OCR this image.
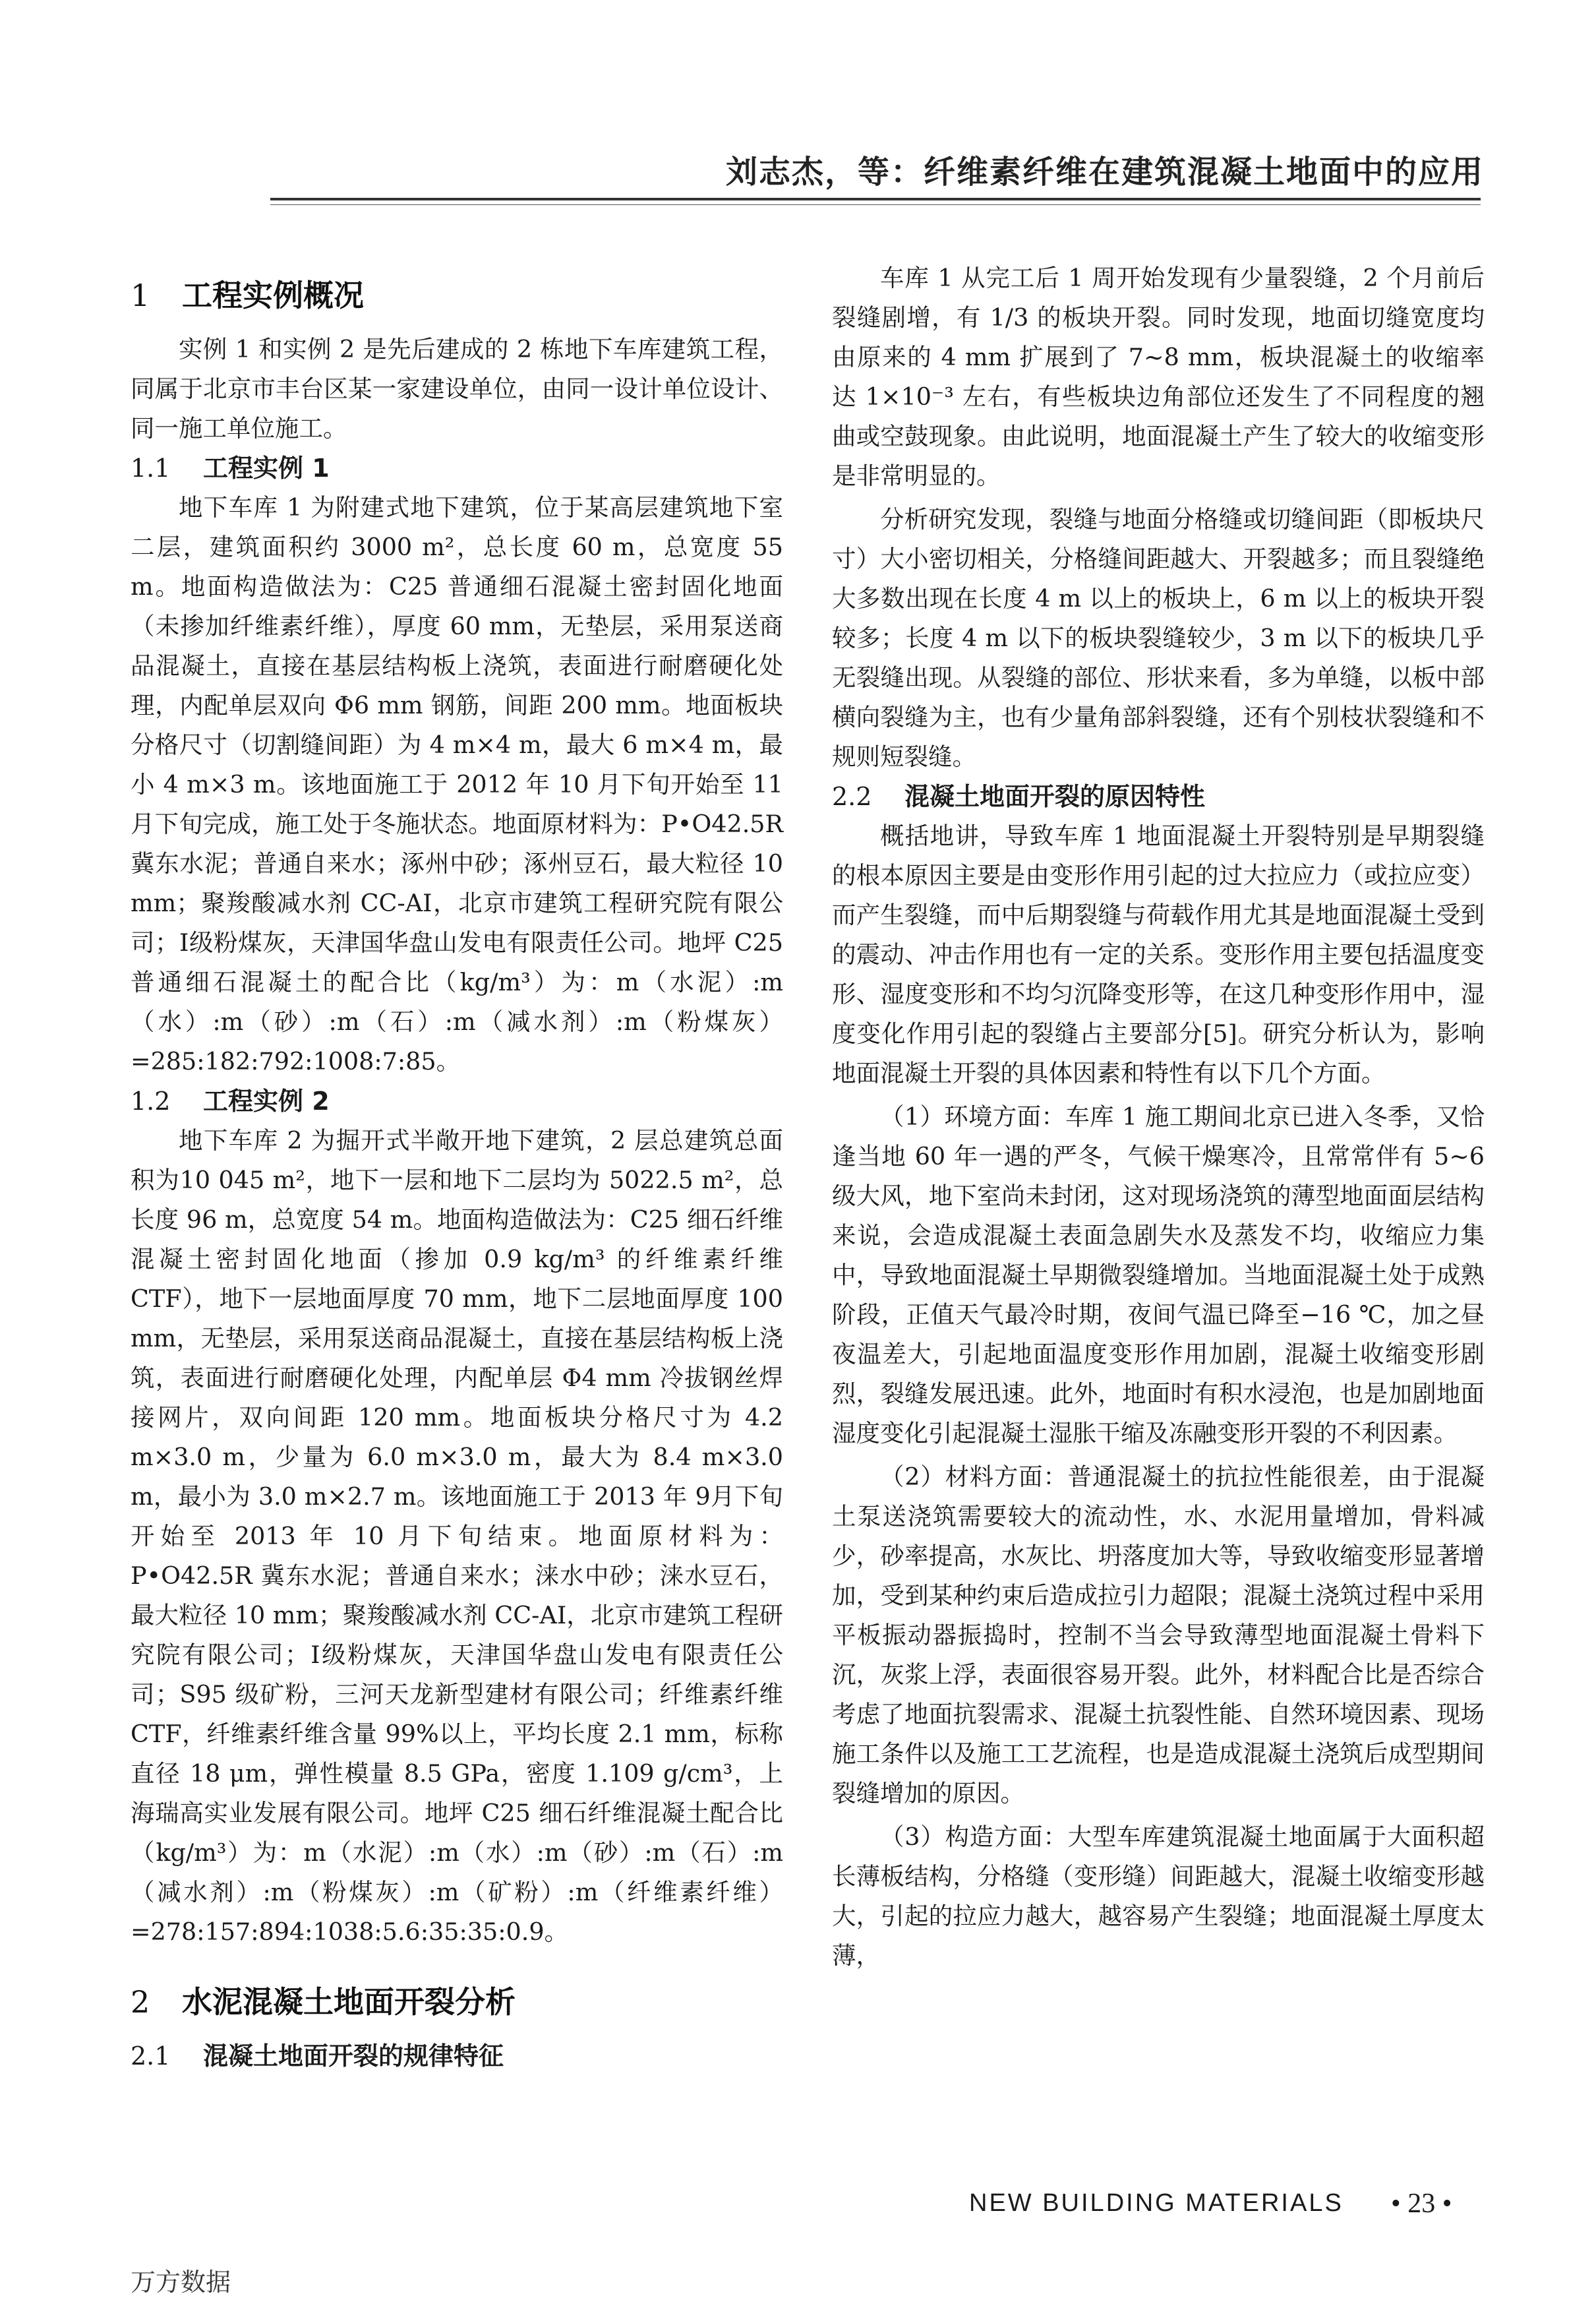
刘志杰，等：纤维素纤维在建筑混凝土地面中的应用
1 工程实例概况

实例 1 和实例 2 是先后建成的 2 栋地下车库建筑工程，同属于北京市丰台区某一家建设单位，由同一设计单位设计、同一施工单位施工。

1.1 工程实例 1

地下车库 1 为附建式地下建筑，位于某高层建筑地下室二层，建筑面积约 3000 m²，总长度 60 m，总宽度 55 m。地面构造做法为：C25 普通细石混凝土密封固化地面（未掺加纤维素纤维），厚度 60 mm，无垫层，采用泵送商品混凝土，直接在基层结构板上浇筑，表面进行耐磨硬化处理，内配单层双向 Φ6 mm 钢筋，间距 200 mm。地面板块分格尺寸（切割缝间距）为 4 m×4 m，最大 6 m×4 m，最小 4 m×3 m。该地面施工于 2012 年 10 月下旬开始至 11 月下旬完成，施工处于冬施状态。地面原材料为：P•O42.5R 冀东水泥；普通自来水；涿州中砂；涿州豆石，最大粒径 10 mm；聚羧酸减水剂 CC-AI，北京市建筑工程研究院有限公司；Ⅰ级粉煤灰，天津国华盘山发电有限责任公司。地坪 C25 普通细石混凝土的配合比（kg/m³）为：m（水泥）:m（水）:m（砂）:m（石）:m（减水剂）:m（粉煤灰）=285:182:792:1008:7:85。

1.2 工程实例 2

地下车库 2 为掘开式半敞开地下建筑，2 层总建筑总面积为10 045 m²，地下一层和地下二层均为 5022.5 m²，总长度 96 m，总宽度 54 m。地面构造做法为：C25 细石纤维混凝土密封固化地面（掺加 0.9 kg/m³ 的纤维素纤维 CTF），地下一层地面厚度 70 mm，地下二层地面厚度 100 mm，无垫层，采用泵送商品混凝土，直接在基层结构板上浇筑，表面进行耐磨硬化处理，内配单层 Φ4 mm 冷拔钢丝焊接网片，双向间距 120 mm。地面板块分格尺寸为 4.2 m×3.0 m，少量为 6.0 m×3.0 m，最大为 8.4 m×3.0 m，最小为 3.0 m×2.7 m。该地面施工于 2013 年 9月下旬开始至 2013 年 10 月下旬结束。地面原材料为：P•O42.5R 冀东水泥；普通自来水；涞水中砂；涞水豆石，最大粒径 10 mm；聚羧酸减水剂 CC-AI，北京市建筑工程研究院有限公司；Ⅰ级粉煤灰，天津国华盘山发电有限责任公司；S95 级矿粉，三河天龙新型建材有限公司；纤维素纤维 CTF，纤维素纤维含量 99%以上，平均长度 2.1 mm，标称直径 18 μm，弹性模量 8.5 GPa，密度 1.109 g/cm³，上海瑞高实业发展有限公司。地坪 C25 细石纤维混凝土配合比（kg/m³）为：m（水泥）:m（水）:m（砂）:m（石）:m（减水剂）:m（粉煤灰）:m（矿粉）:m（纤维素纤维）=278:157:894:1038:5.6:35:35:0.9。

2 水泥混凝土地面开裂分析
2.1 混凝土地面开裂的规律特征

车库 1 从完工后 1 周开始发现有少量裂缝，2 个月前后裂缝剧增，有 1/3 的板块开裂。同时发现，地面切缝宽度均由原来的 4 mm 扩展到了 7~8 mm，板块混凝土的收缩率达 1×10⁻³ 左右，有些板块边角部位还发生了不同程度的翘曲或空鼓现象。由此说明，地面混凝土产生了较大的收缩变形是非常明显的。

分析研究发现，裂缝与地面分格缝或切缝间距（即板块尺寸）大小密切相关，分格缝间距越大、开裂越多；而且裂缝绝大多数出现在长度 4 m 以上的板块上，6 m 以上的板块开裂较多；长度 4 m 以下的板块裂缝较少，3 m 以下的板块几乎无裂缝出现。从裂缝的部位、形状来看，多为单缝，以板中部横向裂缝为主，也有少量角部斜裂缝，还有个别枝状裂缝和不规则短裂缝。

2.2 混凝土地面开裂的原因特性

概括地讲，导致车库 1 地面混凝土开裂特别是早期裂缝的根本原因主要是由变形作用引起的过大拉应力（或拉应变）而产生裂缝，而中后期裂缝与荷载作用尤其是地面混凝土受到的震动、冲击作用也有一定的关系。变形作用主要包括温度变形、湿度变形和不均匀沉降变形等，在这几种变形作用中，湿度变化作用引起的裂缝占主要部分[5]。研究分析认为，影响地面混凝土开裂的具体因素和特性有以下几个方面。

（1）环境方面：车库 1 施工期间北京已进入冬季，又恰逢当地 60 年一遇的严冬，气候干燥寒冷，且常常伴有 5~6 级大风，地下室尚未封闭，这对现场浇筑的薄型地面面层结构来说，会造成混凝土表面急剧失水及蒸发不均，收缩应力集中，导致地面混凝土早期微裂缝增加。当地面混凝土处于成熟阶段，正值天气最冷时期，夜间气温已降至−16 ℃，加之昼夜温差大，引起地面温度变形作用加剧，混凝土收缩变形剧烈，裂缝发展迅速。此外，地面时有积水浸泡，也是加剧地面湿度变化引起混凝土湿胀干缩及冻融变形开裂的不利因素。

（2）材料方面：普通混凝土的抗拉性能很差，由于混凝土泵送浇筑需要较大的流动性，水、水泥用量增加，骨料减少，砂率提高，水灰比、坍落度加大等，导致收缩变形显著增加，受到某种约束后造成拉引力超限；混凝土浇筑过程中采用平板振动器振捣时，控制不当会导致薄型地面混凝土骨料下沉，灰浆上浮，表面很容易开裂。此外，材料配合比是否综合考虑了地面抗裂需求、混凝土抗裂性能、自然环境因素、现场施工条件以及施工工艺流程，也是造成混凝土浇筑后成型期间裂缝增加的原因。

（3）构造方面：大型车库建筑混凝土地面属于大面积超长薄板结构，分格缝（变形缝）间距越大，混凝土收缩变形越大，引起的拉应力越大，越容易产生裂缝；地面混凝土厚度太薄，

NEW BUILDING MATERIALS • 23 •
万方数据
